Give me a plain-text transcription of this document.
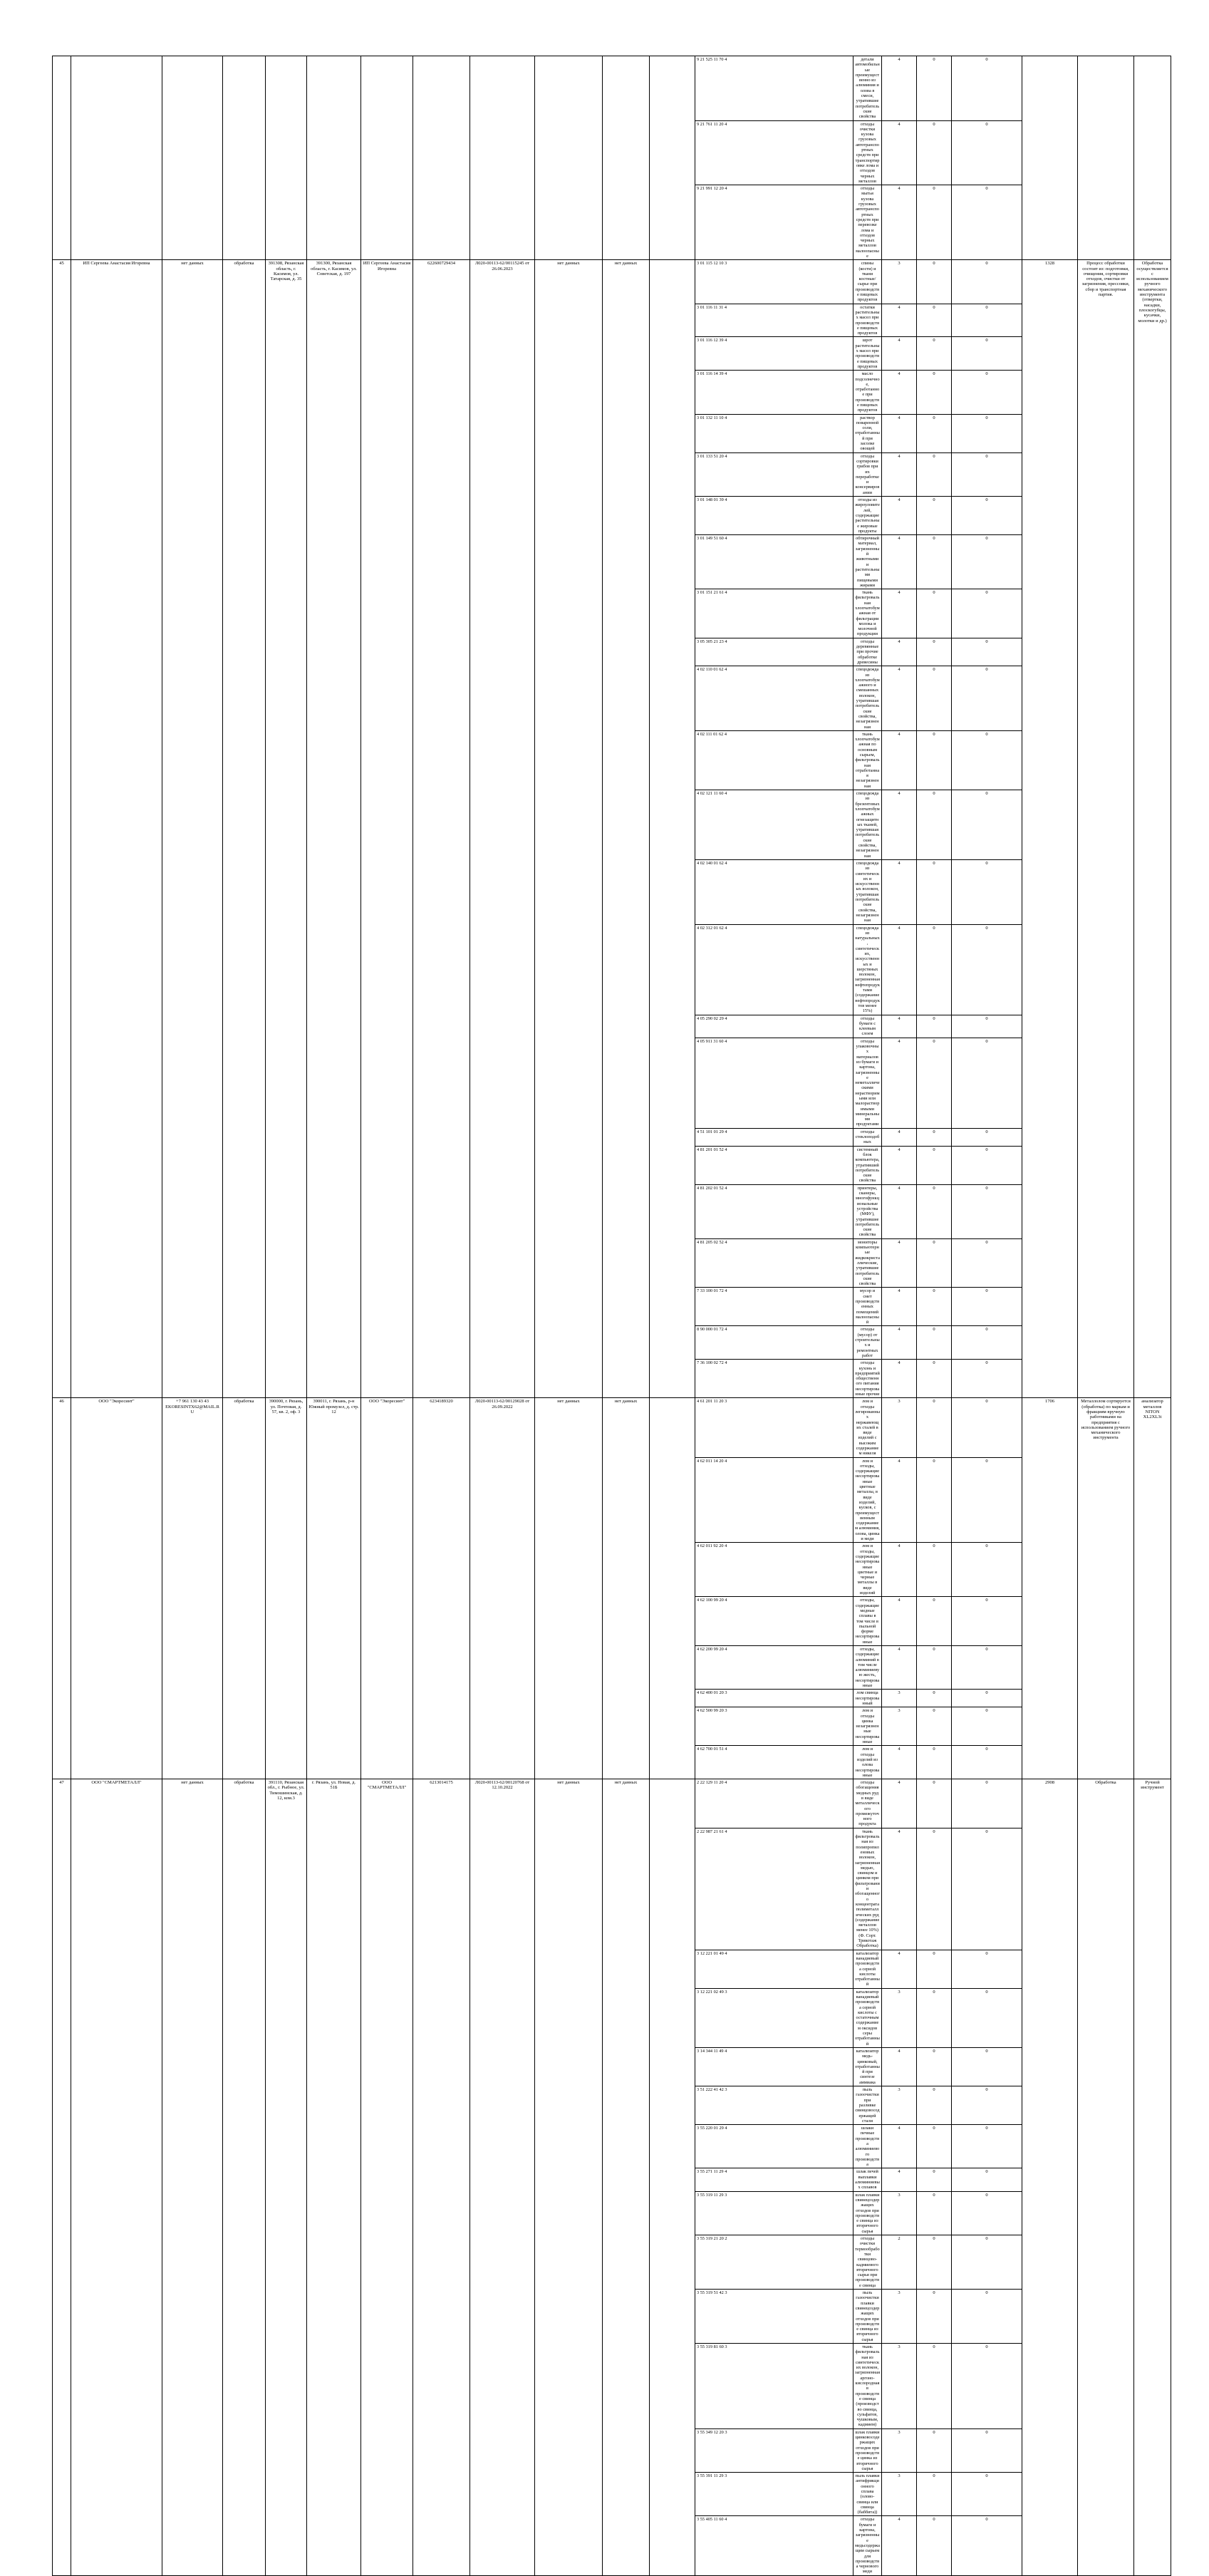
												9 21 525 11 70 4	детали автомобильные преимущественно из алюминия и олова в смеси, утратившие потребительские свойства	4	0	0			
												9 21 761 11 20 4	отходы очистки кузова грузовых автотранспортных средств при транспортировке лома и отходов черных металлов	4	0	0			
												9 21 991 12 20 4	отходы мытья кузова грузовых автотранспортных средств при перевозке лома и отходов черных металлов малоопасные	4	0	0			
45	ИП Сергеева Анастасия Игоревна	нет данных	обработка	391308, Рязанская область, г. Касимов, ул. Татарская, д. 35	391300, Рязанская область, г. Касимов, ул. Советская, д. 197	ИП Сергеева Анастасия Игоревна	622600729434	Л020-00113-62/00115245 от 26.06.2023	нет данных	нет данных		3 01 115 12 10 3	спины (кости) и ткани костные/сырье при производстве пищевых продуктов	3	0	0	1328	Процесс обработки состоит из: подготовки, очищения, сортировки отходов, очистки от загрязнения, прессовки, сбор и транспортная партия.	Обработка осуществляется с использованием ручного механического инструмента (отвертки, насадки, плоскогубцы, кусачки, молотки и др.)
												3 01 116 11 31 4	остатки растительных масел при производстве пищевых продуктов	4	0	0			
												3 01 116 12 39 4	шрот растительных масел при производстве пищевых продуктов	4	0	0			
												3 01 116 14 39 4	масло подсолнечное, отработанное при производстве пищевых продуктов	4	0	0			
												3 01 132 11 10 4	раствор поваренной соли, отработанный при засолке овощей	4	0	0			
												3 01 133 51 20 4	отходы сортировки грибов при их переработке и консервировании	4	0	0			
												3 01 148 01 39 4	отходы из жироуловителей, содержащие растительные жировые продукты	4	0	0			
												3 01 149 51 60 4	обтирочный материал, загрязненный животными и растительными пищевыми жирами	4	0	0			
												3 01 151 21 61 4	ткань фильтровальная хлопчатобумажная от фильтрации молока и молочной продукции	4	0	0			
												3 05 305 21 23 4	отходы деревянные при прочие обработке древесины	4	0	0			
												4 02 110 01 62 4	спецодежда из хлопчатобумажного и смешанных волокон, утратившая потребительские свойства, незагрязненная	4	0	0			
												4 02 111 01 62 4	ткань хлопчатобумажная по основным сырьем, фильтровальная отработанная незагрязненная	4	0	0			
												4 02 121 11 60 4	спецодежда из брезентовых хлопчатобумажных огнезащитных тканей, утратившая потребительские свойства, незагрязненная	4	0	0			
												4 02 140 01 62 4	спецодежда из синтетических и искусственных волокон, утратившая потребительские свойства, незагрязненная	4	0	0			
												4 02 312 01 62 4	спецодежда из натуральных, синтетических, искусственных и шерстяных волокон, загрязненная нефтепродуктами (содержание нефтепродуктов менее 15%)	4	0	0			
												4 05 290 02 29 4	отходы бумаги с клеевым слоем	4	0	0			
												4 05 911 31 60 4	отходы упаковочных материалов из бумаги и картона, загрязненные неметаллическими нерастворимыми или малорастворимыми минеральными продуктами	4	0	0			
												4 51 101 01 29 4	отходы стеклоподобных	4	0	0			
												4 81 201 01 52 4	системный блок компьютера, утративший потребительские свойства	4	0	0			
												4 81 202 01 52 4	принтеры, сканеры, многофункциональные устройства (МФУ), утратившие потребительские свойства	4	0	0			
												4 81 205 02 52 4	мониторы компьютерные жидкокристаллические, утратившие потребительские свойства	4	0	0			
												7 33 100 01 72 4	мусор и смет производственных помещений малоопасный	4	0	0			
												8 90 000 01 72 4	отходы (мусор) от строительных и ремонтных работ	4	0	0			
												7 36 100 02 72 4	отходы кухонь и предприятий общественного питания несортированные прочие	4	0	0			
46	ООО "Экоресинт"	+7 961 130 43 43 EKORESINTX62@MAIL.RU	обработка	390000, г. Рязань, ул. Почтовая, д. 57, кв. 2, оф. 3	390011, г. Рязань, р-н Южный промузел, д. стр. 12	ООО "Экоресинт"	6234189320	Л020-00113-62/00129028 от 26.09.2022	нет данных	нет данных		4 61 201 11 20 3	лом и отходы легированных нержавеющих сталей в виде изделий с высоким содержанием никеля	3	0	0	1706	Металлолом сортируется (обработка) по маркам и фракциям вручную работниками на предприятия с использованием ручного механического инструмента	анализатор металлов NITON XL2XL3t
												4 62 011 14 20 4	лом и отходы, содержащие несортированные цветные металлы, в виде изделий, кусков, с преимущественным содержанием алюминия, олова, цинка и меди	4	0	0			
												4 62 011 92 20 4	лом и отходы, содержащие несортированные цветные и черные металлы в виде изделий	4	0	0			
												4 62 100 99 20 4	отходы, содержащие медные сплавы в том числе в пыльной форме несортированные	4	0	0			
												4 62 200 99 20 4	отходы, содержащие алюминий в том числе алюминиевую жесть, несортированные	4	0	0			
												4 62 400 01 20 3	лом свинца несортированный	3	0	0			
												4 62 500 99 20 3	лом и отходы цинка незагрязненные несортированные	3	0	0			
												4 62 700 01 51 4	лом и отходы изделий из олова несортированные	4	0	0			
47	ООО "СМАРТМЕТАЛЛ"	нет данных	обработка	391110, Рязанская обл., г. Рыбное, ул. Тимошинская, д. 12, ком.3	г. Рязань, ул. Новая, д. 51Б	ООО "СМАРТМЕТАЛЛ"	6213014175	Л020-00113-62/00120768 от 12.10.2022	нет данных	нет данных		2 22 129 11 20 4	отходы обогащения медных руд в виде металлического промежуточного продукта	4	0	0	2908	Обработка	Ручной инструмент
												2 22 987 21 61 4	ткань фильтровальная из полипропиленовых волокон, загрязненная медью, свинцом и цинком при фильтровании обогащенного концентрата полиметаллических руд (содержание металлов менее 10%) (Ф. Сорт. Трикотаж Обработка)	4	0	0			
												3 12 221 01 49 4	катализатор ванадиевый производства серной кислоты отработанный	4	0	0			
												3 12 221 02 49 3	катализатор ванадиевый производства серной кислоты с остаточным содержанием оксидов серы отработанный	3	0	0			
												3 14 344 11 49 4	катализатор медь-цинковый, отработанный при синтезе аммиака	4	0	0			
												3 51 222 41 42 3	пыль газоочистки при разливке свинцовосодержащей стали	3	0	0			
												3 55 220 01 29 4	шлаки печные производства алюминиевого производства	4	0	0			
												3 55 271 11 29 4	шлак печей выплавки алюминиевых сплавов	4	0	0			
												3 55 319 11 29 3	шлак плавки свинецсодержащих отходов при производстве свинца из вторичного сырья	3	0	0			
												3 55 319 21 20 2	отходы очистки термообработки свинцово-кадмиевого вторичного сырья при производстве свинца	2	0	0			
												3 55 319 51 42 3	пыль газоочистки плавки свинецсодержащих отходов при производстве свинца из вторичного сырья	3	0	0			
												3 55 319 81 60 3	ткань фильтровальная из синтетических волокон, загрязненная аргоно-кислородная в производстве свинца (производство свинца, сульфатов, чушковым, кадмием)	3	0	0			
												3 55 349 12 20 3	шлак плавки цинковосодержащих отходов при производстве цинка из вторичного сырья	3	0	0			
												3 55 391 11 29 3	пыль плавки антифрикционного сплава (олово-свинца или свинца (баббита))	3	0	0			
												3 55 405 11 60 4	отходы бумаги и картона, загрязненные медьсодержащим сырьем для производства чернового меди	4	0	0			
